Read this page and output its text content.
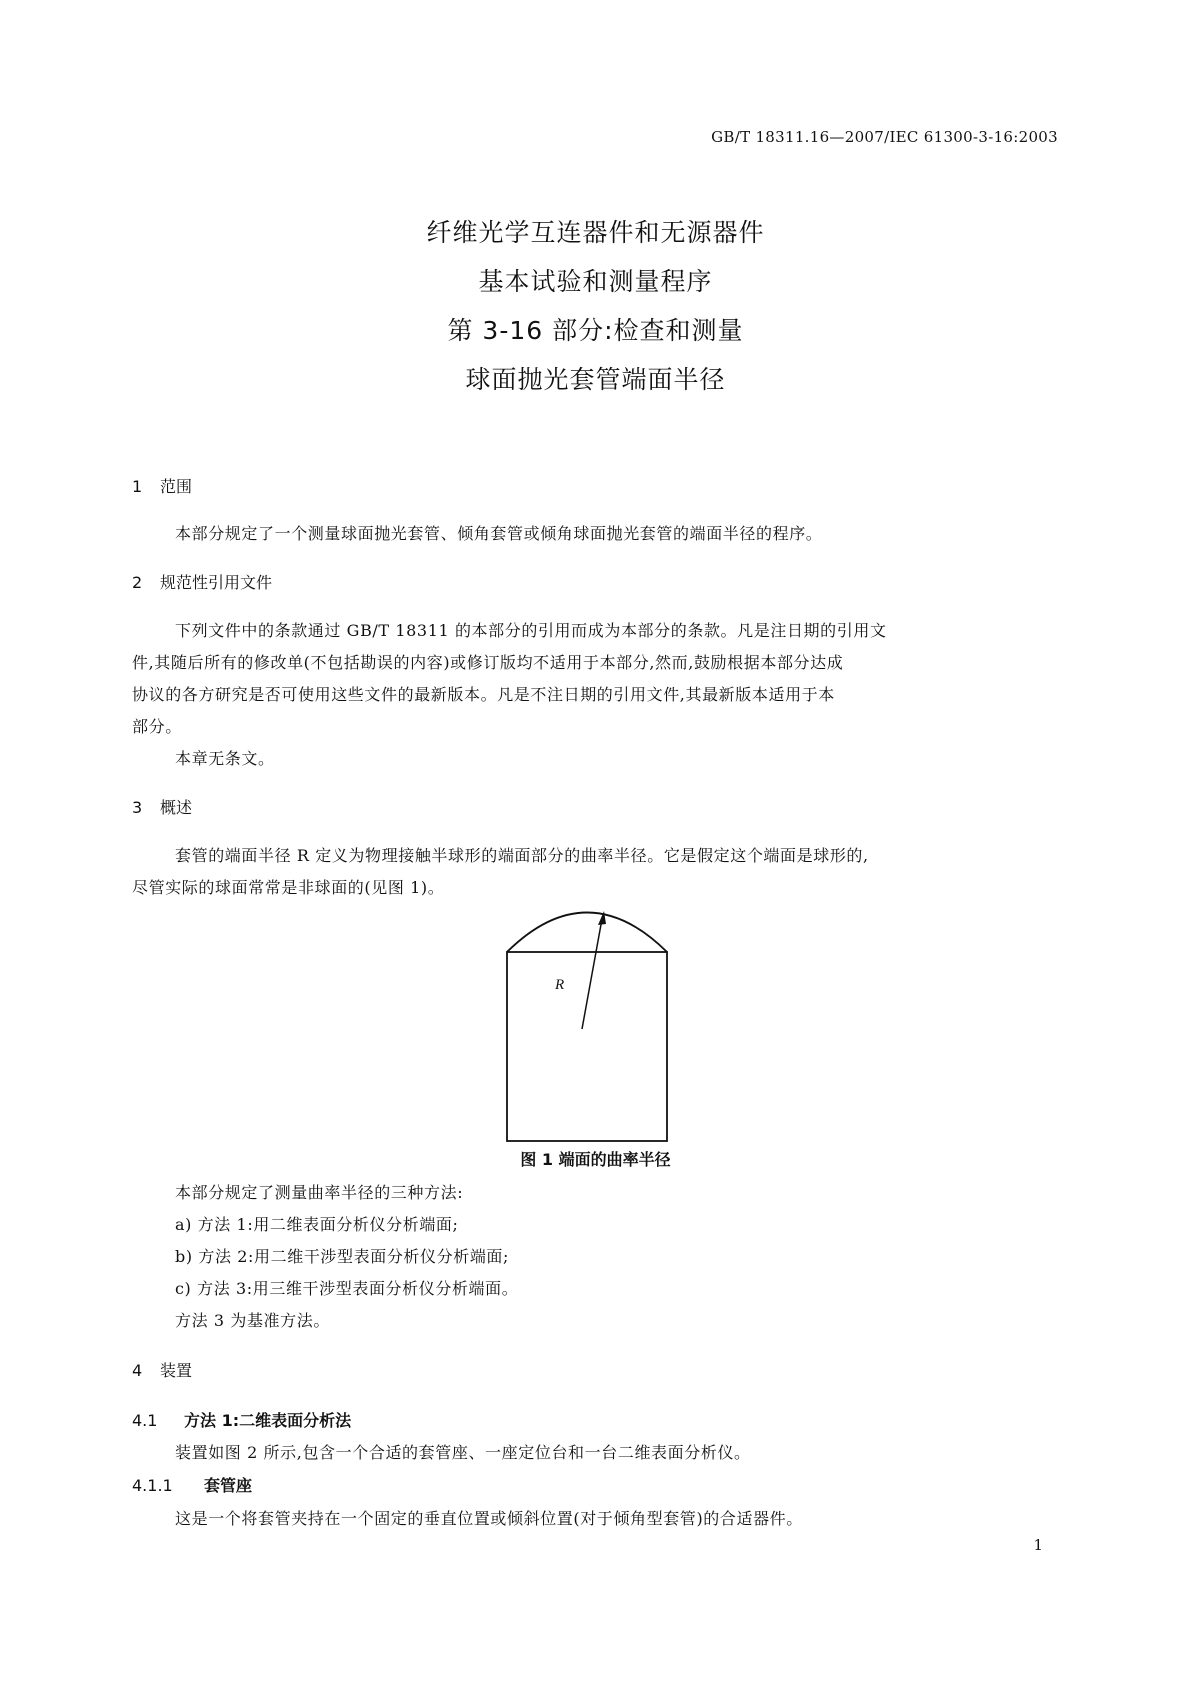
GB/T 18311.16—2007/IEC 61300-3-16:2003
纤维光学互连器件和无源器件
基本试验和测量程序
第 3-16 部分:检查和测量
球面抛光套管端面半径
1 范围
本部分规定了一个测量球面抛光套管、倾角套管或倾角球面抛光套管的端面半径的程序。
2 规范性引用文件
下列文件中的条款通过 GB/T 18311 的本部分的引用而成为本部分的条款。凡是注日期的引用文
件,其随后所有的修改单(不包括勘误的内容)或修订版均不适用于本部分,然而,鼓励根据本部分达成
协议的各方研究是否可使用这些文件的最新版本。凡是不注日期的引用文件,其最新版本适用于本
部分。
本章无条文。
3 概述
套管的端面半径 R 定义为物理接触半球形的端面部分的曲率半径。它是假定这个端面是球形的,
尽管实际的球面常常是非球面的(见图 1)。
R
图 1 端面的曲率半径
本部分规定了测量曲率半径的三种方法:
a) 方法 1:用二维表面分析仪分析端面;
b) 方法 2:用二维干涉型表面分析仪分析端面;
c) 方法 3:用三维干涉型表面分析仪分析端面。
方法 3 为基准方法。
4 装置
4.1 方法 1:二维表面分析法
装置如图 2 所示,包含一个合适的套管座、一座定位台和一台二维表面分析仪。
4.1.1 套管座
这是一个将套管夹持在一个固定的垂直位置或倾斜位置(对于倾角型套管)的合适器件。
1
